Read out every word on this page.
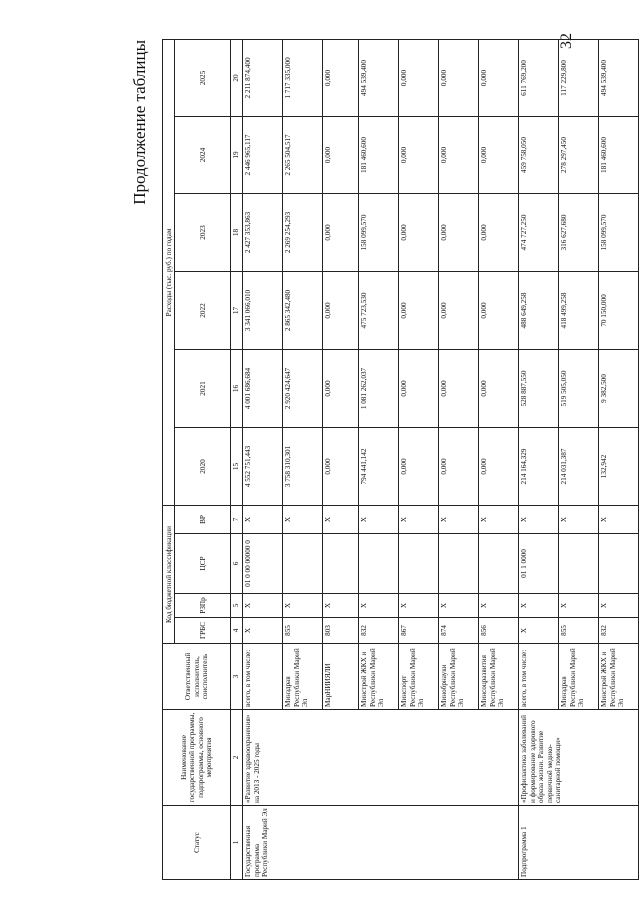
32
Продолжение таблицы
Статус	Наименование государственной программы, подпрограммы, основного мероприятия	Ответственный исполнитель, соисполнитель	Код бюджетной классификации				Расходы (тыс. руб.) по годам					
			ГРБС	РЗПр	ЦСР	ВР	2020	2021	2022	2023	2024	2025
1	2	3	4	5	6	7	15	16	17	18	19	20
Государственная программа Республики Марий Эл	«Развитие здравоохранения» на 2013 - 2025 годы	всего, в том числе:	X	X	01 0 00 00000 0	X	4 552 751,443	4 001 686,684	3 341 066,010	2 427 353,863	2 446 965,117	2 211 874,400
		Минздрав Республики Марий Эл	855	X		X	3 758 310,301	2 920 424,647	2 865 342,480	2 269 254,293	2 265 504,517	1 717 335,000
		МарНИИЯЛИ	803	X		X	0,000	0,000	0,000	0,000	0,000	0,000
		Минстрой ЖКХ и Республики Марий Эл	832	X		X	794 441,142	1 081 262,037	475 723,530	158 099,570	181 460,600	494 539,400
		Минспорт Республики Марий Эл	867	X		X	0,000	0,000	0,000	0,000	0,000	0,000
		Минобрнауки Республики Марий Эл	874	X		X	0,000	0,000	0,000	0,000	0,000	0,000
		Минсоцразвития Республики Марий Эл	856	X		X	0,000	0,000	0,000	0,000	0,000	0,000
Подпрограмма 1	«Профилактика заболеваний и формирование здорового образа жизни. Развитие первичной медико-санитарной помощи»	всего, в том числе:	X	X	01 1 0000	X	214 164,329	528 887,550	488 649,258	474 727,250	459 758,050	611 769,200
		Минздрав Республики Марий Эл	855	X		X	214 031,387	519 505,050	418 499,258	316 627,680	278 297,450	117 229,800
		Минстрой ЖКХ и Республики Марий Эл	832	X		X	132,942	9 382,500	70 150,000	158 099,570	181 460,600	494 539,400
